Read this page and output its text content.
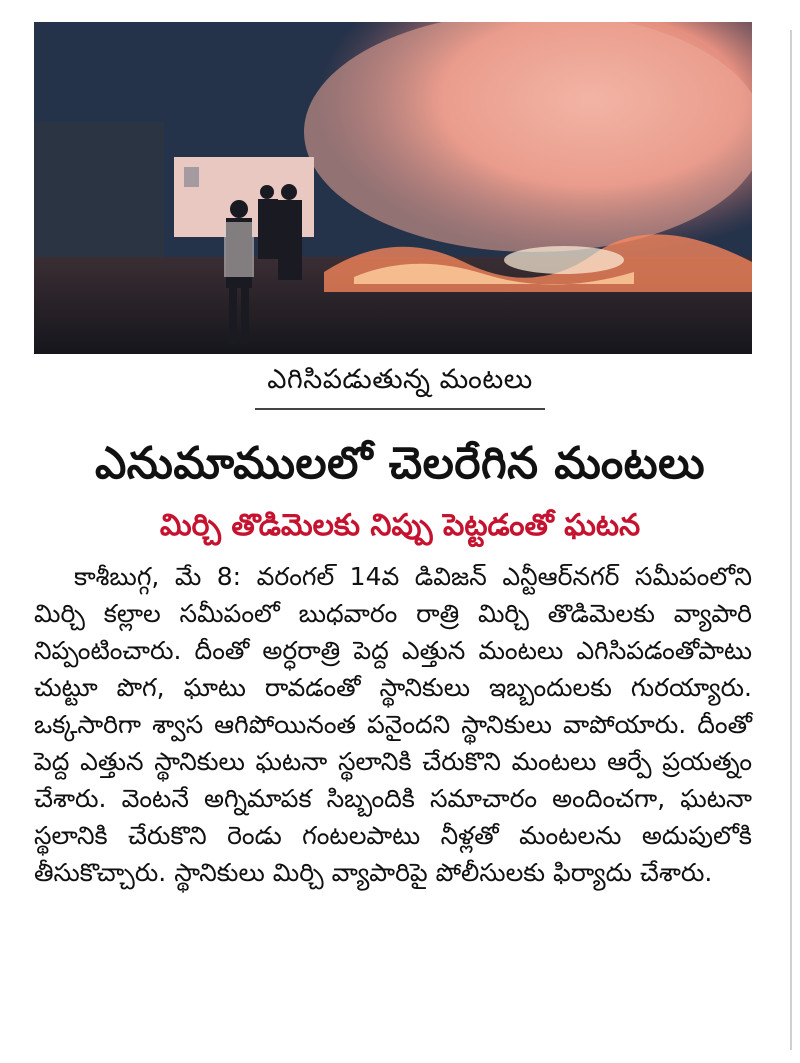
ఎగిసిపడుతున్న మంటలు
ఎనుమాములలో చెలరేగిన మంటలు
మిర్చి తొడిమెలకు నిప్పు పెట్టడంతో ఘటన

కాశీబుగ్గ, మే 8: వరంగల్ 14వ డివిజన్ ఎన్టీఆర్‌నగర్ సమీపంలోని మిర్చి కల్లాల సమీపంలో బుధవారం రాత్రి మిర్చి తొడిమెలకు వ్యాపారి నిప్పంటించారు. దీంతో అర్ధరాత్రి పెద్ద ఎత్తున మంటలు ఎగిసిపడంతోపాటు చుట్టూ పొగ, ఘాటు రావడంతో స్థానికులు ఇబ్బందులకు గురయ్యారు. ఒక్కసారిగా శ్వాస ఆగిపోయినంత పనైందని స్థానికులు వాపోయారు. దీంతో పెద్ద ఎత్తున స్థానికులు ఘటనా స్థలానికి చేరుకొని మంటలు ఆర్పే ప్రయత్నం చేశారు. వెంటనే అగ్నిమాపక సిబ్బందికి సమాచారం అందించగా, ఘటనా స్థలానికి చేరుకొని రెండు గంటలపాటు నీళ్లతో మంటలను అదుపులోకి తీసుకొచ్చారు. స్థానికులు మిర్చి వ్యాపారిపై పోలీసులకు ఫిర్యాదు చేశారు.
